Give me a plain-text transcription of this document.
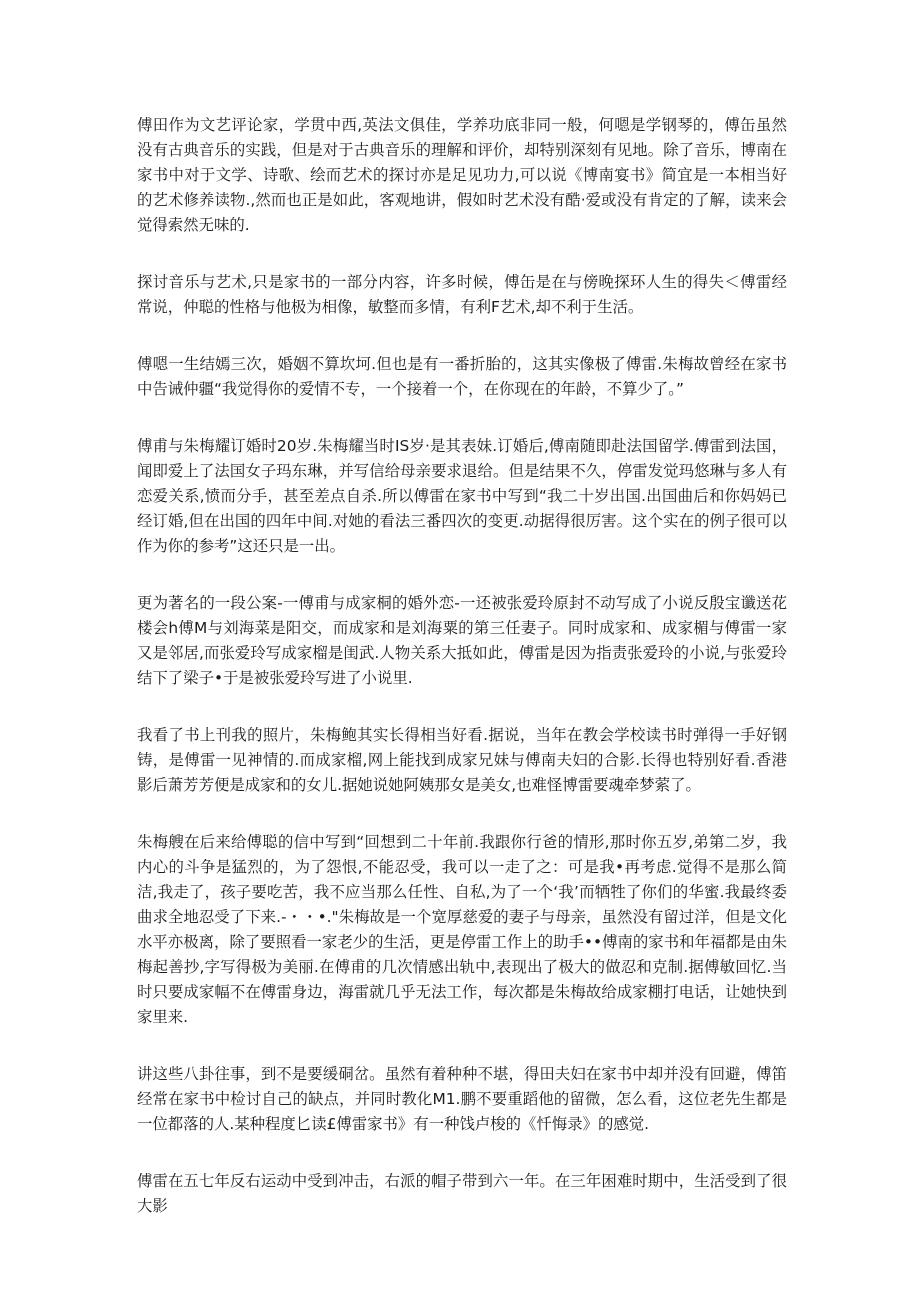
傅田作为文艺评论家，学贯中西,英法文俱佳，学养功底非同一般，何嗯是学钢琴的，傅缶虽然没有古典音乐的实践，但是对于古典音乐的理解和评价，却特别深刻有见地。除了音乐，博南在家书中对于文学、诗歌、绘而艺术的探讨亦是足见功力,可以说《博南宴书》简宜是一本相当好的艺术修养读物.,然而也正是如此，客观地讲，假如时艺术没有酷·爱或没有肯定的了解，读来会觉得索然无味的.

探讨音乐与艺术,只是家书的一部分内容，许多时候，傅缶是在与傍晚探环人生的得失＜傅雷经常说，仲聪的性格与他极为相像，敏整而多情，有利F艺术,却不利于生活。

傅嗯一生结嫣三次，婚姻不算坎坷.但也是有一番折胎的，这其实像极了傅雷.朱梅故曾经在家书中告诫仲疆“我觉得你的爱情不专，一个接着一个，在你现在的年龄，不算少了。”

傅甫与朱梅耀订婚时20岁.朱梅耀当时IS岁·是其表妹.订婚后,傅南随即赴法国留学.傅雷到法国，闻即爱上了法国女子玛东琳，并写信给母亲要求退给。但是结果不久，停雷发觉玛悠琳与多人有恋爱关系,愤而分手，甚至差点自杀.所以傅雷在家书中写到“我二十岁出国.出国曲后和你妈妈已经订婚,但在出国的四年中间.对她的看法三番四次的变更.动据得很厉害。这个实在的例子很可以作为你的参考”这还只是一出。

更为著名的一段公案-一傅甫与成家桐的婚外恋-一还被张爱玲原封不动写成了小说反殷宝谶送花楼会h傅M与刘海菜是阳交，而成家和是刘海粟的第三任妻子。同时成家和、成家楣与傅雷一家又是邻居,而张爱玲写成家榴是闺武.人物关系大抵如此，傅雷是因为指责张爱玲的小说,与张爱玲结下了梁子•于是被张爱玲写进了小说里.

我看了书上刊我的照片，朱梅鲍其实长得相当好看.据说，当年在教会学校读书时弹得一手好钢铸，是傅雷一见神情的.而成家榴,网上能找到成家兄妹与傅南夫妇的合影.长得也特别好看.香港影后萧芳芳便是成家和的女儿.据她说她阿姨那女是美女,也难怪博雷要魂牵梦萦了。

朱梅艘在后来给傅聪的信中写到“回想到二十年前.我跟你行爸的情形,那时你五岁,弟第二岁，我内心的斗争是猛烈的，为了怨恨,不能忍受，我可以一走了之：可是我•再考虑.觉得不是那么简洁,我走了，孩子要吃苦，我不应当那么任性、自私,为了一个‘我’而牺牲了你们的华蜜.我最终委曲求全地忍受了下来.-・・•."朱梅故是一个宽厚慈爱的妻子与母亲，虽然没有留过洋，但是文化水平亦极离，除了要照看一家老少的生活，更是停雷工作上的助手••傅南的家书和年福都是由朱梅起善抄,字写得极为美丽.在傅甫的几次情感出轨中,表现出了极大的做忍和克制.据傅敏回忆.当时只要成家幅不在傅雷身边，海雷就几乎无法工作，每次都是朱梅故给成家棚打电话，让她快到家里来.

讲这些八卦往事，到不是要缓硐岔。虽然有着种种不堪，得田夫妇在家书中却并没有回避，傅笛经常在家书中检讨自己的缺点，并同时教化M1.鹏不要重蹈他的留微，怎么看，这位老先生都是一位都落的人.某种程度匕读£傅雷家书》有一种饯卢梭的《忏悔录》的感觉.

傅雷在五七年反右运动中受到冲击，右派的帽子带到六一年。在三年困难时期中，生活受到了很大影
